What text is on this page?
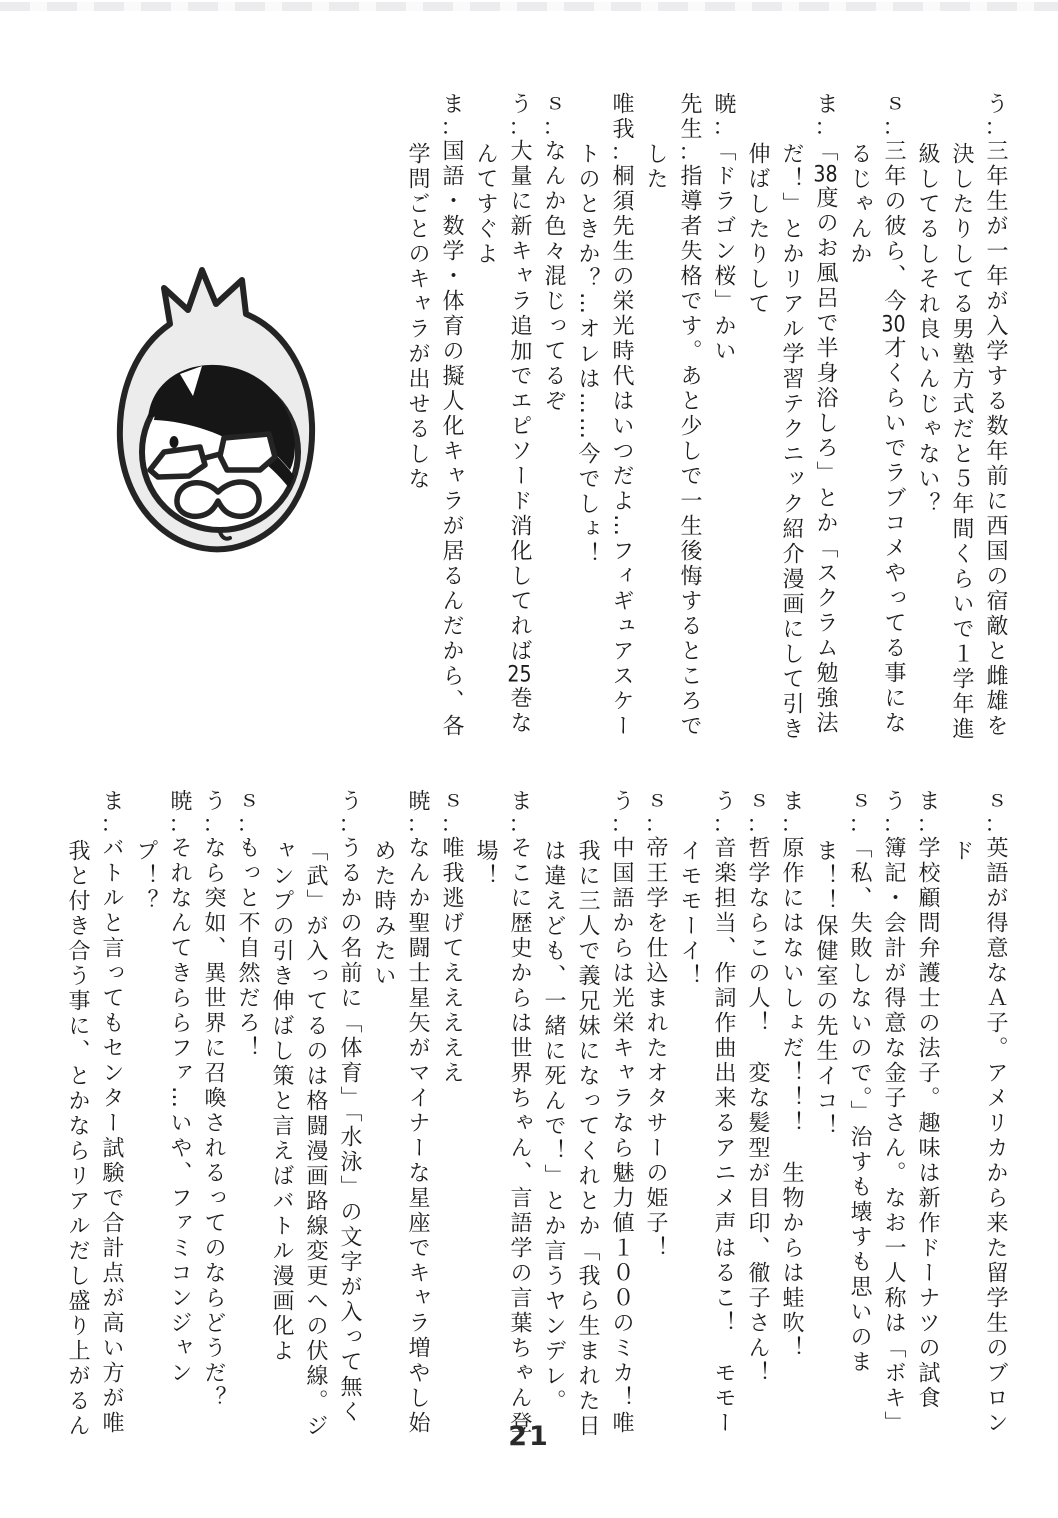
う：三年生が一年が入学する数年前に西国の宿敵と雌雄を決したりしてる男塾方式だと５年間くらいで１学年進級してるしそれ良いんじゃない？

ｓ：三年の彼ら、今30才くらいでラブコメやってる事になるじゃんか

ま：「38度のお風呂で半身浴しろ」とか「スクラム勉強法だ！」とかリアル学習テクニック紹介漫画にして引き伸ばしたりして

暁：「ドラゴン桜」かい

先生：指導者失格です。あと少しで一生後悔するところでした

唯我：桐須先生の栄光時代はいつだよ…フィギュアスケートのときか？…オレは……今でしょ！

ｓ：なんか色々混じってるぞ

う：大量に新キャラ追加でエピソード消化してれば25巻なんてすぐよ

ま：国語・数学・体育の擬人化キャラが居るんだから、各学問ごとのキャラが出せるしな

ｓ：英語が得意なＡ子。アメリカから来た留学生のブロンド

ま：学校顧問弁護士の法子。趣味は新作ドーナツの試食

う：簿記・会計が得意な金子さん。なお一人称は「ボキ」

ｓ：「私、失敗しないので。」治すも壊すも思いのまま！！保健室の先生イコ！

ま：原作にはないしょだ！！！　生物からは蛙吹！

ｓ：哲学ならこの人！　変な髪型が目印、徹子さん！

う：音楽担当、作詞作曲出来るアニメ声はるこ！　モモーイモモーイ！

ｓ：帝王学を仕込まれたオタサーの姫子！

う：中国語からは光栄キャラなら魅力値１００のミカ！唯我に三人で義兄妹になってくれとか「我ら生まれた日は違えども、一緒に死んで！」とか言うヤンデレ。

ま：そこに歴史からは世界ちゃん、言語学の言葉ちゃん登場！

ｓ：唯我逃げてえええええ

暁：なんか聖闘士星矢がマイナーな星座でキャラ増やし始めた時みたい

う：うるかの名前に「体育」「水泳」の文字が入って無く「武」が入ってるのは格闘漫画路線変更への伏線。ジャンプの引き伸ばし策と言えばバトル漫画化よ

ｓ：もっと不自然だろ！

う：なら突如、異世界に召喚されるってのならどうだ？

暁：それなんてきららファ…いや、ファミコンジャンプ！？

ま：バトルと言ってもセンター試験で合計点が高い方が唯我と付き合う事に、とかならリアルだし盛り上がるん	21
